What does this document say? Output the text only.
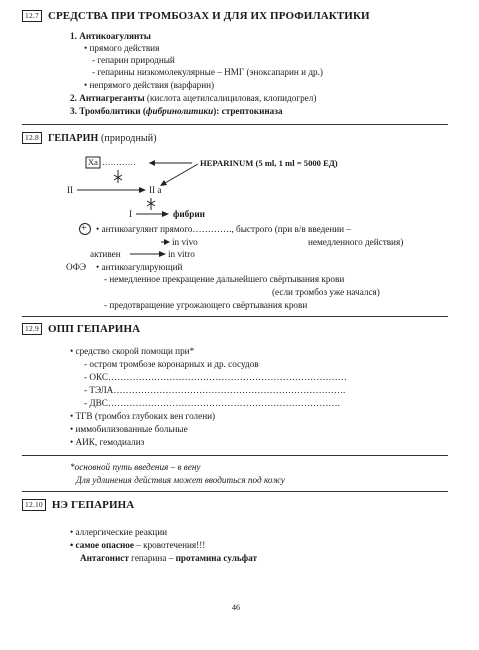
12.7 СРЕДСТВА ПРИ ТРОМБОЗАХ И ДЛЯ ИХ ПРОФИЛАКТИКИ
1. Антикоагулянты
• прямого действия
- гепарин природный
- гепарины низкомолекулярные – НМГ (эноксапарин и др.)
• непрямого действия (варфарин)
2. Антиагреганты (кислота ацетилсалициловая, клопидогрел)
3. Тромболитики (фибринолитики): стрептокиназа
12.8 ГЕПАРИН (природный)
Xa …………	HEPARINUM (5 ml, 1 ml = 5000 ЕД)
II	II а
I	фибрин
+ • антикоагулянт прямого…………., быстрого (при в/в введении –
немедленного действия)
in vivo
активен	in vitro
ОФЭ • антикоагулирующий
- немедленное прекращение дальнейшего свёртывания крови
(если тромбоз уже начался)
- предотвращение угрожающего свёртывания крови
12.9 ОПП ГЕПАРИНА
• средство скорой помощи при*
- остром тромбозе коронарных и др. сосудов
- ОКС……………………………………………………………………
- ТЭЛА………………………………………………………………….
- ДВС………………………………………………………………….
• ТГВ (тромбоз глубоких вен голени)
• иммобилизованные больные
• АИК, гемодиализ
*основной путь введения – в вену
Для удлинения действия может вводиться под кожу
12.10 НЭ ГЕПАРИНА
• аллергические реакции
• самое опасное – кровотечения!!!
Антагонист гепарина – протамина сульфат
46
